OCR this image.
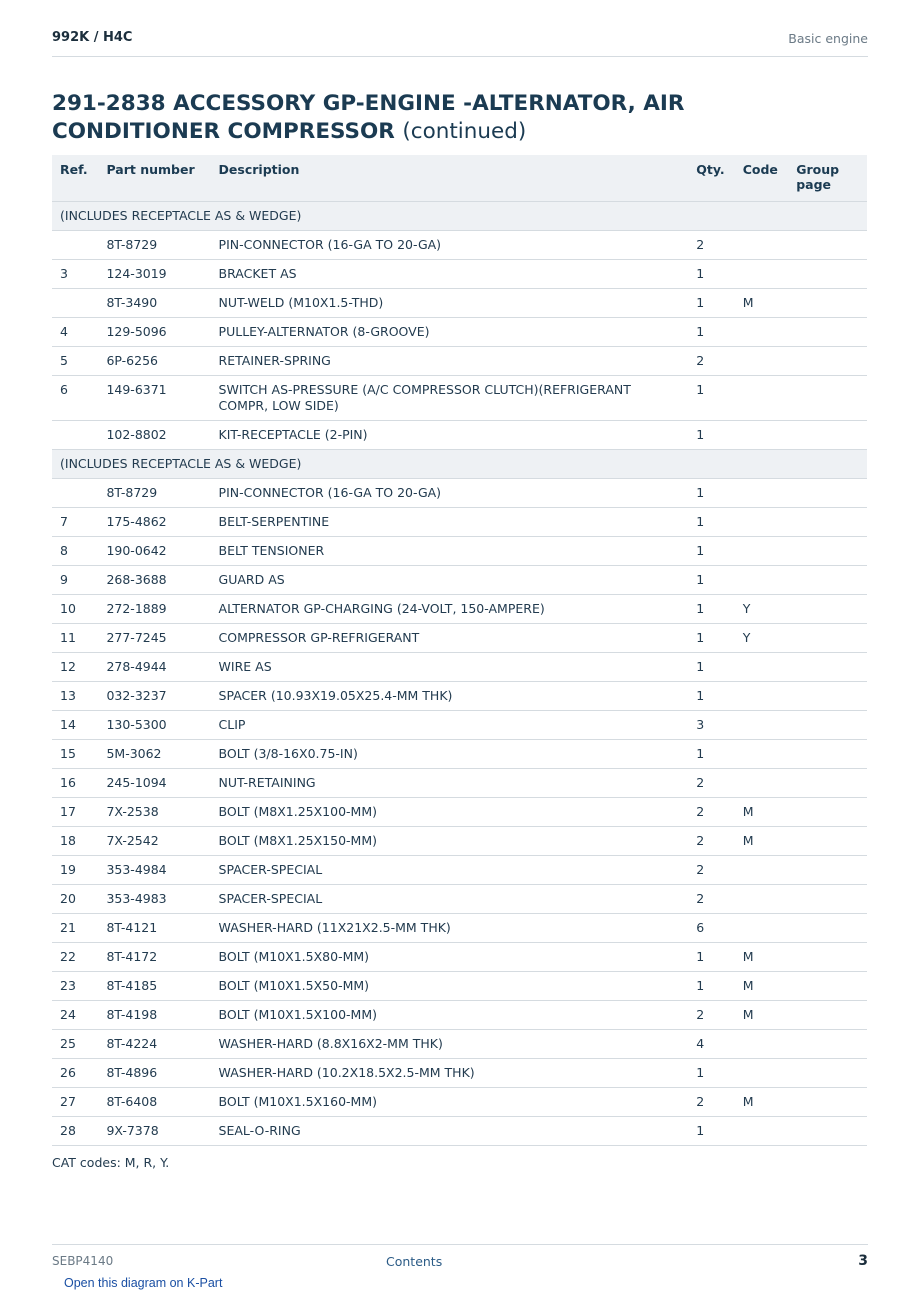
992K / H4C	Basic engine
291-2838 ACCESSORY GP-ENGINE -ALTERNATOR, AIR CONDITIONER COMPRESSOR (continued)
Ref.	Part number	Description	Qty.	Code	Group page
(INCLUDES RECEPTACLE AS & WEDGE)					
	8T-8729	PIN-CONNECTOR (16-GA TO 20-GA)	2		
3	124-3019	BRACKET AS	1		
	8T-3490	NUT-WELD (M10X1.5-THD)	1	M	
4	129-5096	PULLEY-ALTERNATOR (8-GROOVE)	1		
5	6P-6256	RETAINER-SPRING	2		
6	149-6371	SWITCH AS-PRESSURE (A/C COMPRESSOR CLUTCH)(REFRIGERANT COMPR, LOW SIDE)	1		
	102-8802	KIT-RECEPTACLE (2-PIN)	1		
(INCLUDES RECEPTACLE AS & WEDGE)					
	8T-8729	PIN-CONNECTOR (16-GA TO 20-GA)	1		
7	175-4862	BELT-SERPENTINE	1		
8	190-0642	BELT TENSIONER	1		
9	268-3688	GUARD AS	1		
10	272-1889	ALTERNATOR GP-CHARGING (24-VOLT, 150-AMPERE)	1	Y	
11	277-7245	COMPRESSOR GP-REFRIGERANT	1	Y	
12	278-4944	WIRE AS	1		
13	032-3237	SPACER (10.93X19.05X25.4-MM THK)	1		
14	130-5300	CLIP	3		
15	5M-3062	BOLT (3/8-16X0.75-IN)	1		
16	245-1094	NUT-RETAINING	2		
17	7X-2538	BOLT (M8X1.25X100-MM)	2	M	
18	7X-2542	BOLT (M8X1.25X150-MM)	2	M	
19	353-4984	SPACER-SPECIAL	2		
20	353-4983	SPACER-SPECIAL	2		
21	8T-4121	WASHER-HARD (11X21X2.5-MM THK)	6		
22	8T-4172	BOLT (M10X1.5X80-MM)	1	M	
23	8T-4185	BOLT (M10X1.5X50-MM)	1	M	
24	8T-4198	BOLT (M10X1.5X100-MM)	2	M	
25	8T-4224	WASHER-HARD (8.8X16X2-MM THK)	4		
26	8T-4896	WASHER-HARD (10.2X18.5X2.5-MM THK)	1		
27	8T-6408	BOLT (M10X1.5X160-MM)	2	M	
28	9X-7378	SEAL-O-RING	1		
CAT codes: M, R, Y.
SEBP4140	Contents	3
Open this diagram on K-Part
